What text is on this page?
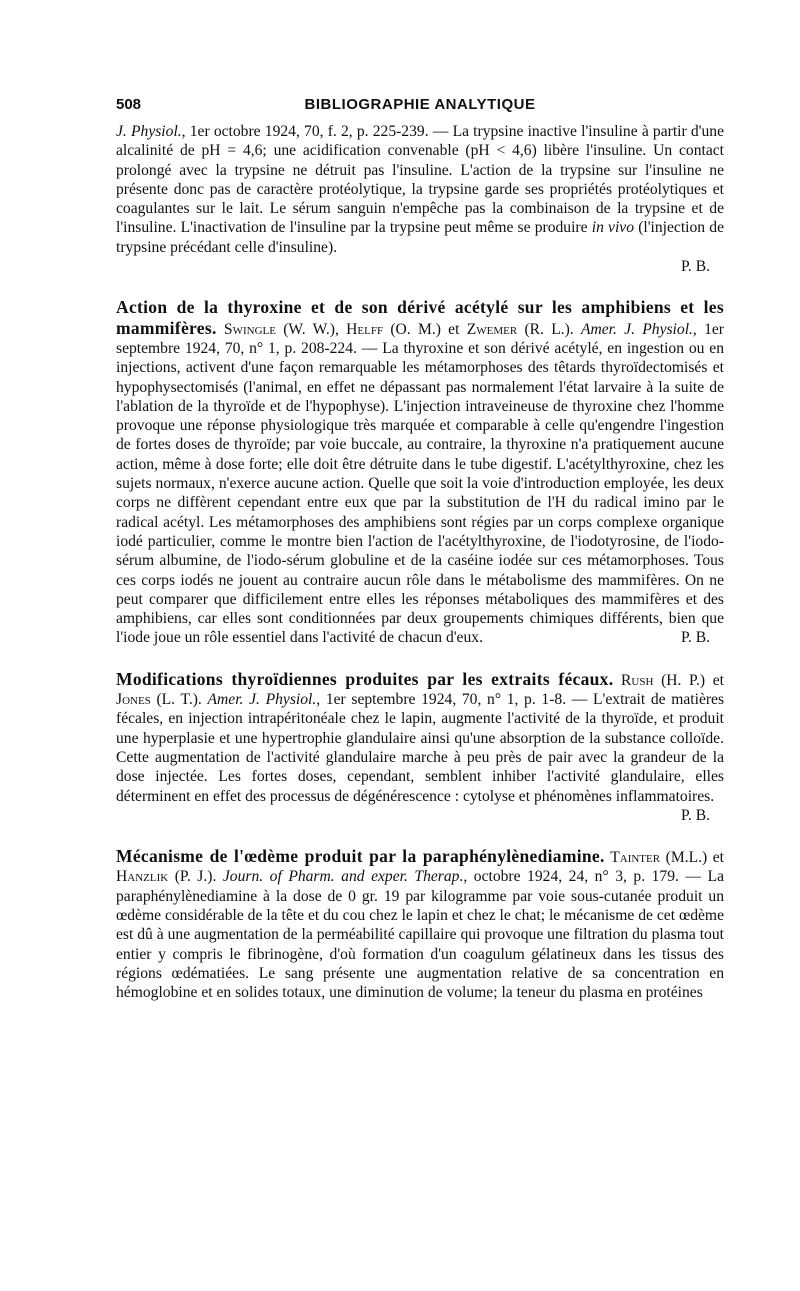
508	BIBLIOGRAPHIE ANALYTIQUE

J. Physiol., 1er octobre 1924, 70, f. 2, p. 225-239. — La trypsine inactive l'insuline à partir d'une alcalinité de pH = 4,6; une acidification convenable (pH < 4,6) libère l'insuline. Un contact prolongé avec la trypsine ne détruit pas l'insuline. L'action de la trypsine sur l'insuline ne présente donc pas de caractère protéolytique, la trypsine garde ses propriétés protéolytiques et coagulantes sur le lait. Le sérum sanguin n'empêche pas la combinaison de la trypsine et de l'insuline. L'inactivation de l'insuline par la trypsine peut même se produire in vivo (l'injection de trypsine précédant celle d'insuline).

P. B.

Action de la thyroxine et de son dérivé acétylé sur les amphibiens et les mammifères. Swingle (W. W.), Helff (O. M.) et Zwemer (R. L.). Amer. J. Physiol., 1er septembre 1924, 70, n° 1, p. 208-224. — La thyroxine et son dérivé acétylé, en ingestion ou en injections, activent d'une façon remarquable les métamorphoses des têtards thyroïdectomisés et hypophysectomisés (l'animal, en effet ne dépassant pas normalement l'état larvaire à la suite de l'ablation de la thyroïde et de l'hypophyse). L'injection intraveineuse de thyroxine chez l'homme provoque une réponse physiologique très marquée et comparable à celle qu'engendre l'ingestion de fortes doses de thyroïde; par voie buccale, au contraire, la thyroxine n'a pratiquement aucune action, même à dose forte; elle doit être détruite dans le tube digestif. L'acétylthyroxine, chez les sujets normaux, n'exerce aucune action. Quelle que soit la voie d'introduction employée, les deux corps ne diffèrent cependant entre eux que par la substitution de l'H du radical imino par le radical acétyl. Les métamorphoses des amphibiens sont régies par un corps complexe organique iodé particulier, comme le montre bien l'action de l'acétylthyroxine, de l'iodotyrosine, de l'iodo-sérum albumine, de l'iodo-sérum globuline et de la caséine iodée sur ces métamorphoses. Tous ces corps iodés ne jouent au contraire aucun rôle dans le métabolisme des mammifères. On ne peut comparer que difficilement entre elles les réponses métaboliques des mammifères et des amphibiens, car elles sont conditionnées par deux groupements chimiques différents, bien que l'iode joue un rôle essentiel dans l'activité de chacun d'eux.	P. B.

Modifications thyroïdiennes produites par les extraits fécaux. Rush (H. P.) et Jones (L. T.). Amer. J. Physiol., 1er septembre 1924, 70, n° 1, p. 1-8. — L'extrait de matières fécales, en injection intrapéritonéale chez le lapin, augmente l'activité de la thyroïde, et produit une hyperplasie et une hypertrophie glandulaire ainsi qu'une absorption de la substance colloïde. Cette augmentation de l'activité glandulaire marche à peu près de pair avec la grandeur de la dose injectée. Les fortes doses, cependant, semblent inhiber l'activité glandulaire, elles déterminent en effet des processus de dégénérescence : cytolyse et phénomènes inflammatoires.
P. B.

Mécanisme de l'œdème produit par la paraphénylènediamine. Tainter (M.L.) et Hanzlik (P. J.). Journ. of Pharm. and exper. Therap., octobre 1924, 24, n° 3, p. 179. — La paraphénylènediamine à la dose de 0 gr. 19 par kilogramme par voie sous-cutanée produit un œdème considérable de la tête et du cou chez le lapin et chez le chat; le mécanisme de cet œdème est dû à une augmentation de la perméabilité capillaire qui provoque une filtration du plasma tout entier y compris le fibrinogène, d'où formation d'un coagulum gélatineux dans les tissus des régions œdématiées. Le sang présente une augmentation relative de sa concentration en hémoglobine et en solides totaux, une diminution de volume; la teneur du plasma en protéines
